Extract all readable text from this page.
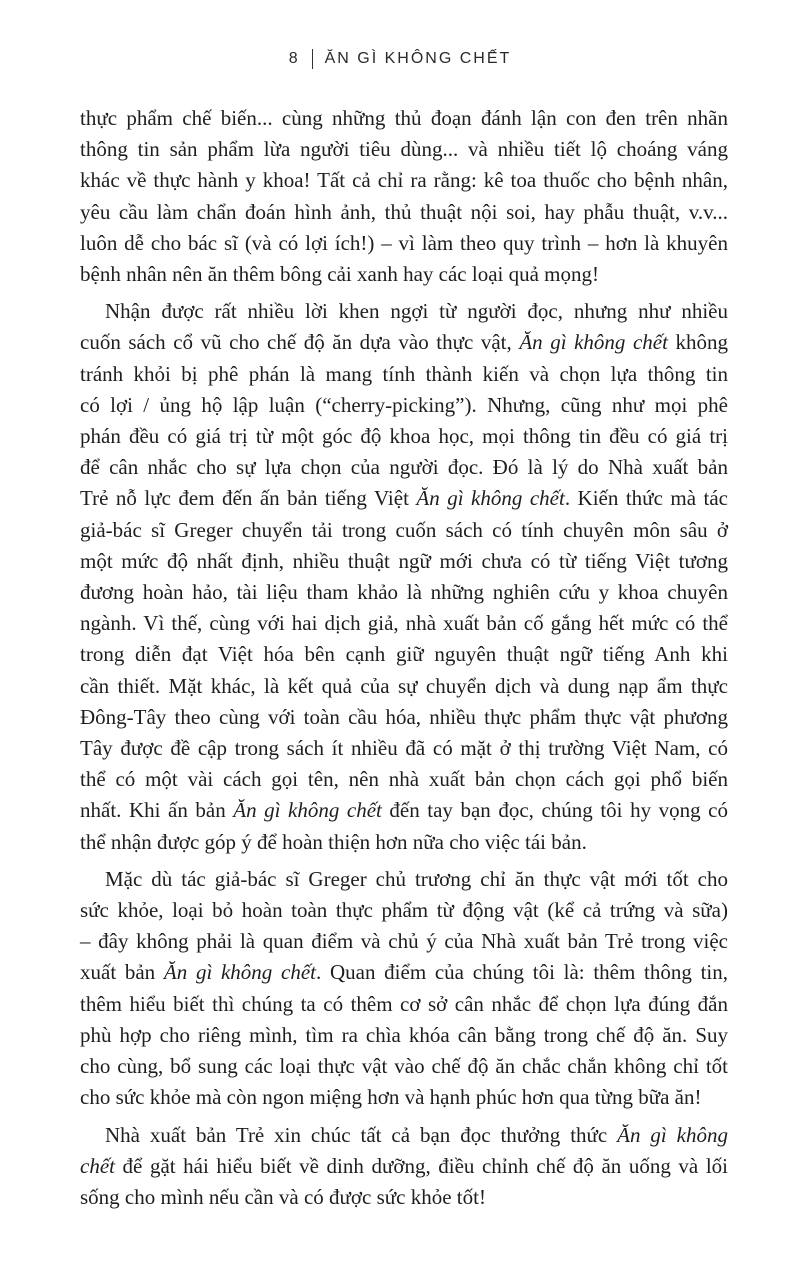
8 ĂN GÌ KHÔNG CHẾT
thực phẩm chế biến... cùng những thủ đoạn đánh lận con đen trên nhãn
thông tin sản phẩm lừa người tiêu dùng... và nhiều tiết lộ choáng váng
khác về thực hành y khoa! Tất cả chỉ ra rằng: kê toa thuốc cho bệnh nhân,
yêu cầu làm chẩn đoán hình ảnh, thủ thuật nội soi, hay phẫu thuật, v.v...
luôn dễ cho bác sĩ (và có lợi ích!) – vì làm theo quy trình – hơn là khuyên
bệnh nhân nên ăn thêm bông cải xanh hay các loại quả mọng!
Nhận được rất nhiều lời khen ngợi từ người đọc, nhưng như nhiều
cuốn sách cổ vũ cho chế độ ăn dựa vào thực vật, Ăn gì không chết không
tránh khỏi bị phê phán là mang tính thành kiến và chọn lựa thông tin
có lợi / ủng hộ lập luận (“cherry-picking”). Nhưng, cũng như mọi phê
phán đều có giá trị từ một góc độ khoa học, mọi thông tin đều có giá trị
để cân nhắc cho sự lựa chọn của người đọc. Đó là lý do Nhà xuất bản
Trẻ nỗ lực đem đến ấn bản tiếng Việt Ăn gì không chết. Kiến thức mà tác
giả-bác sĩ Greger chuyển tải trong cuốn sách có tính chuyên môn sâu ở
một mức độ nhất định, nhiều thuật ngữ mới chưa có từ tiếng Việt tương
đương hoàn hảo, tài liệu tham khảo là những nghiên cứu y khoa chuyên
ngành. Vì thế, cùng với hai dịch giả, nhà xuất bản cố gắng hết mức có thể
trong diễn đạt Việt hóa bên cạnh giữ nguyên thuật ngữ tiếng Anh khi
cần thiết. Mặt khác, là kết quả của sự chuyển dịch và dung nạp ẩm thực
Đông-Tây theo cùng với toàn cầu hóa, nhiều thực phẩm thực vật phương
Tây được đề cập trong sách ít nhiều đã có mặt ở thị trường Việt Nam, có
thể có một vài cách gọi tên, nên nhà xuất bản chọn cách gọi phổ biến
nhất. Khi ấn bản Ăn gì không chết đến tay bạn đọc, chúng tôi hy vọng có
thể nhận được góp ý để hoàn thiện hơn nữa cho việc tái bản.
Mặc dù tác giả-bác sĩ Greger chủ trương chỉ ăn thực vật mới tốt cho
sức khỏe, loại bỏ hoàn toàn thực phẩm từ động vật (kể cả trứng và sữa)
– đây không phải là quan điểm và chủ ý của Nhà xuất bản Trẻ trong việc
xuất bản Ăn gì không chết. Quan điểm của chúng tôi là: thêm thông tin,
thêm hiểu biết thì chúng ta có thêm cơ sở cân nhắc để chọn lựa đúng đắn
phù hợp cho riêng mình, tìm ra chìa khóa cân bằng trong chế độ ăn. Suy
cho cùng, bổ sung các loại thực vật vào chế độ ăn chắc chắn không chỉ tốt
cho sức khỏe mà còn ngon miệng hơn và hạnh phúc hơn qua từng bữa ăn!
Nhà xuất bản Trẻ xin chúc tất cả bạn đọc thưởng thức Ăn gì không
chết để gặt hái hiểu biết về dinh dưỡng, điều chỉnh chế độ ăn uống và lối
sống cho mình nếu cần và có được sức khỏe tốt!
